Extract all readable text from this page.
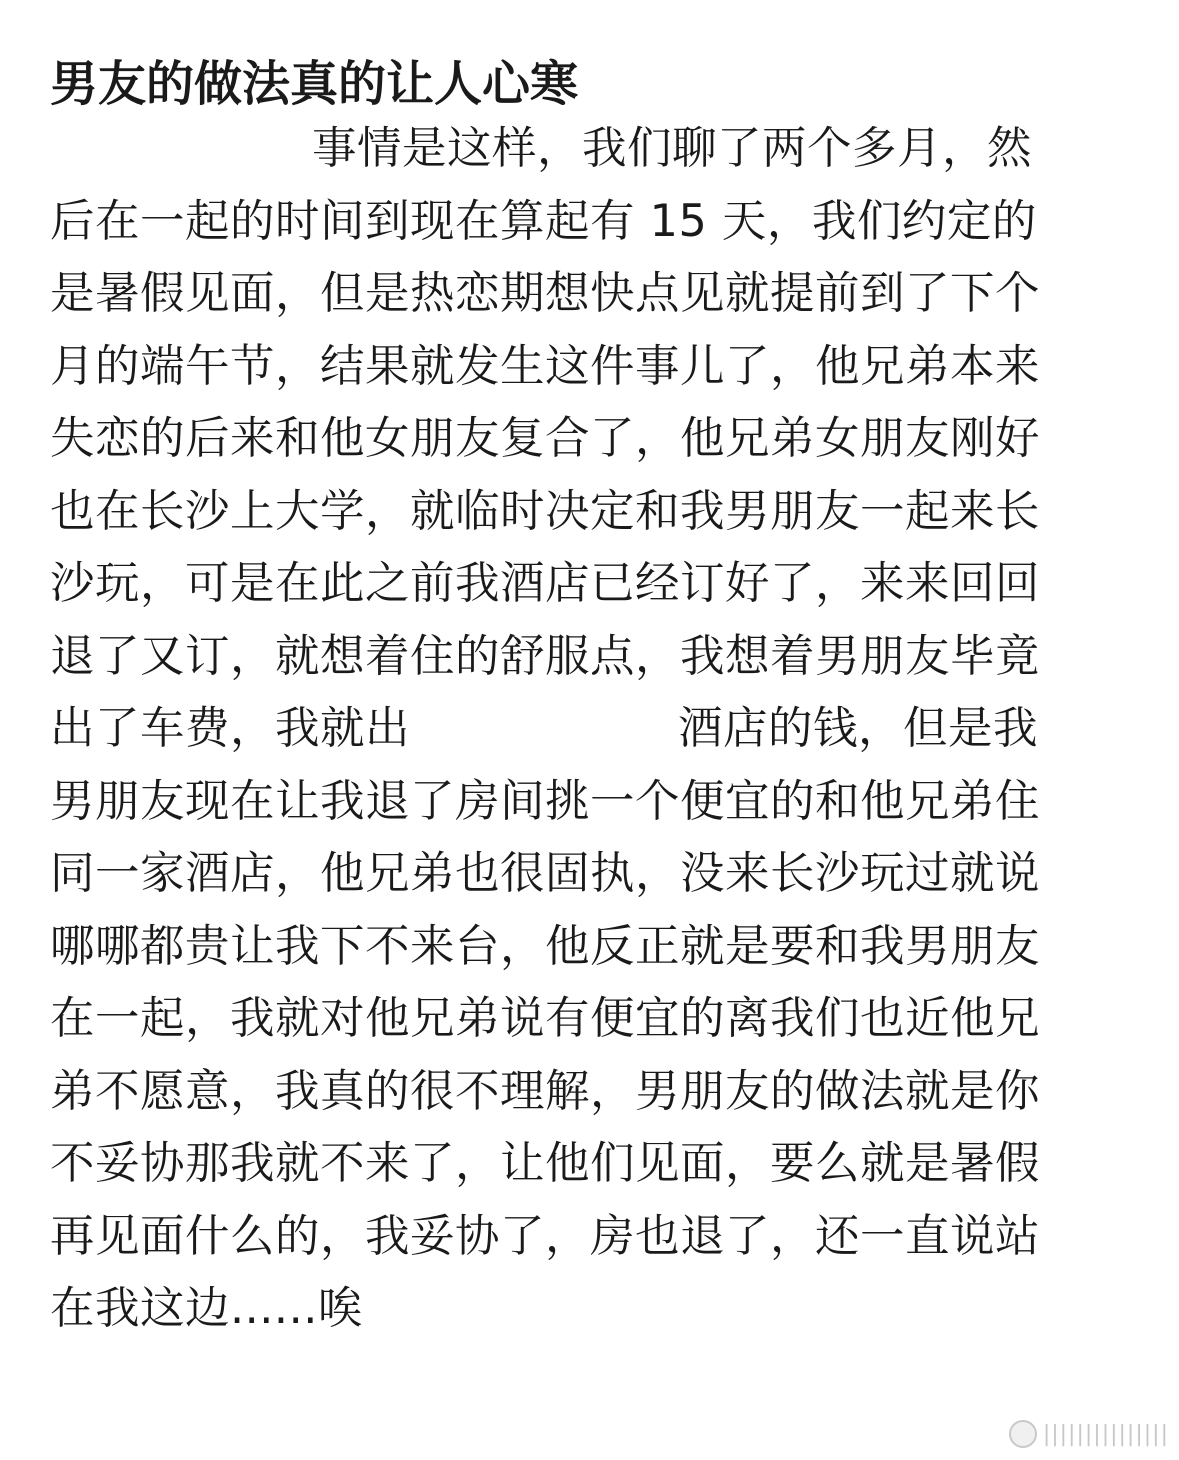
男友的做法真的让人心寒
事情是这样，我们聊了两个多月，然
后在一起的时间到现在算起有 15 天，我们约定的
是暑假见面，但是热恋期想快点见就提前到了下个
月的端午节，结果就发生这件事儿了，他兄弟本来
失恋的后来和他女朋友复合了，他兄弟女朋友刚好
也在长沙上大学，就临时决定和我男朋友一起来长
沙玩，可是在此之前我酒店已经订好了，来来回回
退了又订，就想着住的舒服点，我想着男朋友毕竟
出了车费，我就出	酒店的钱，但是我
男朋友现在让我退了房间挑一个便宜的和他兄弟住
同一家酒店，他兄弟也很固执，没来长沙玩过就说
哪哪都贵让我下不来台，他反正就是要和我男朋友
在一起，我就对他兄弟说有便宜的离我们也近他兄
弟不愿意，我真的很不理解，男朋友的做法就是你
不妥协那我就不来了，让他们见面，要么就是暑假
再见面什么的，我妥协了，房也退了，还一直说站
在我这边......唉
|||||||||||||||
